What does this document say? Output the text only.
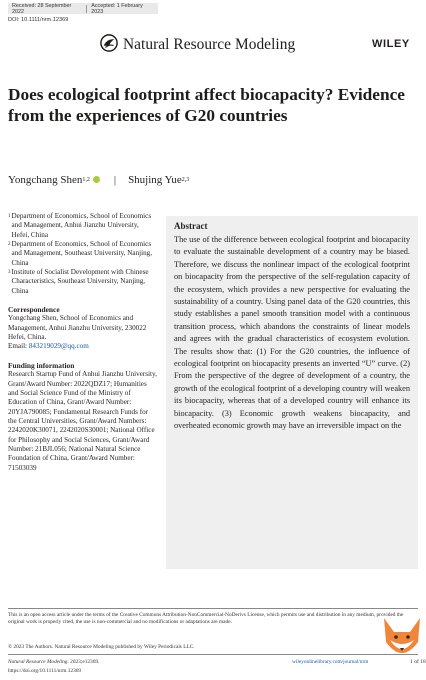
Received: 28 September 2022
Accepted: 1 February 2023
DOI: 10.1111/nrm.12369
Natural Resource Modeling	WILEY
Does ecological footprint affect biocapacity? Evidence from the experiences of G20 countries
Yongchang Shen 1,2 | Shujing Yue 2,3

1 Department of Economics, School of Economics and Management, Anhui Jianzhu University, Hefei, China

2 Department of Economics, School of Economics and Management, Southeast University, Nanjing, China

3 Institute of Socialist Development with Chinese Characteristics, Southeast University, Nanjing, China

Correspondence

Yongchang Shen, School of Economics and Management, Anhui Jianzhu University, 230022 Hefei, China.

Email: 843219029@qq.com

Funding information

Research Startup Fund of Anhui Jianzhu University, Grant/Award Number: 2022QDZ17; Humanities and Social Science Fund of the Ministry of Education of China, Grant/Award Number: 20YJA790085; Fundamental Research Funds for the Central Universities, Grant/Award Numbers: 2242020K30071, 2242020S30001; National Office for Philosophy and Social Sciences, Grant/Award Number: 21BJL056; National Natural Science Foundation of China, Grant/Award Number: 71503039

Abstract

The use of the difference between ecological footprint and biocapacity to evaluate the sustainable development of a country may be biased. Therefore, we discuss the nonlinear impact of the ecological footprint on biocapacity from the perspective of the self-regulation capacity of the ecosystem, which provides a new perspective for evaluating the sustainability of a country. Using panel data of the G20 countries, this study establishes a panel smooth transition model with a continuous transition process, which abandons the constraints of linear models and agrees with the gradual characteristics of ecosystem evolution. The results show that: (1) For the G20 countries, the influence of ecological footprint on biocapacity presents an inverted “U” curve. (2) From the perspective of the degree of development of a country, the growth of the ecological footprint of a developing country will weaken its biocapacity, whereas that of a developed country will enhance its biocapacity. (3) Economic growth weakens biocapacity, and overheated economic growth may have an irreversible impact on the

This is an open access article under the terms of the Creative Commons Attribution-NonCommercial-NoDerivs License, which permits use and distribution in any medium, provided the original work is properly cited, the use is non-commercial and no modifications or adaptations are made.

© 2023 The Authors. Natural Resource Modeling published by Wiley Periodicals LLC.
Natural Resource Modeling. 2023;e12369.
https://doi.org/10.1111/nrm.12369
wileyonlinelibrary.com/journal/nrm	1 of 18
